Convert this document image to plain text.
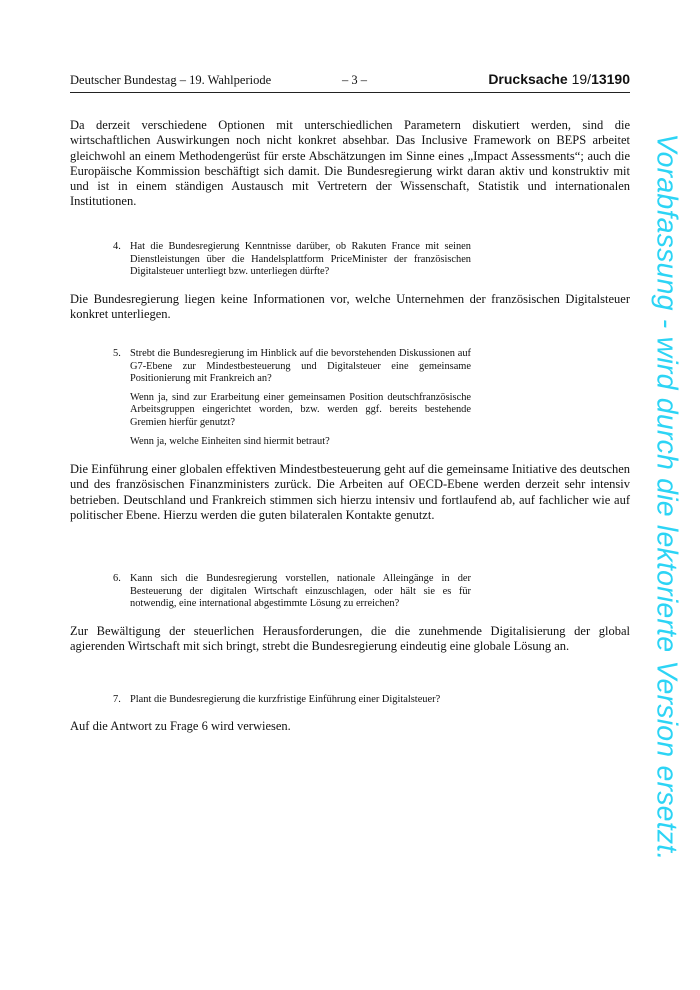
Deutscher Bundestag – 19. Wahlperiode	– 3 –	Drucksache 19/13190

Da derzeit verschiedene Optionen mit unterschiedlichen Parametern diskutiert werden, sind die wirtschaftlichen Auswirkungen noch nicht konkret absehbar. Das Inclusive Framework on BEPS arbeitet gleichwohl an einem Methodengerüst für erste Abschätzungen im Sinne eines „Impact Assessments“; auch die Europäische Kommission beschäftigt sich damit. Die Bundesregierung wirkt daran aktiv und konstruktiv mit und ist in einem ständigen Austausch mit Vertretern der Wissenschaft, Statistik und internationalen Institutionen.

4. Hat die Bundesregierung Kenntnisse darüber, ob Rakuten France mit seinen Dienstleistungen über die Handelsplattform PriceMinister der französischen Digitalsteuer unterliegt bzw. unterliegen dürfte?

Die Bundesregierung liegen keine Informationen vor, welche Unternehmen der französischen Digitalsteuer konkret unterliegen.

5. Strebt die Bundesregierung im Hinblick auf die bevorstehenden Diskussionen auf G7-Ebene zur Mindestbesteuerung und Digitalsteuer eine gemeinsame Positionierung mit Frankreich an?
Wenn ja, sind zur Erarbeitung einer gemeinsamen Position deutschfranzösische Arbeitsgruppen eingerichtet worden, bzw. werden ggf. bereits bestehende Gremien hierfür genutzt?
Wenn ja, welche Einheiten sind hiermit betraut?

Die Einführung einer globalen effektiven Mindestbesteuerung geht auf die gemeinsame Initiative des deutschen und des französischen Finanzministers zurück. Die Arbeiten auf OECD-Ebene werden derzeit sehr intensiv betrieben. Deutschland und Frankreich stimmen sich hierzu intensiv und fortlaufend ab, auf fachlicher wie auf politischer Ebene. Hierzu werden die guten bilateralen Kontakte genutzt.

6. Kann sich die Bundesregierung vorstellen, nationale Alleingänge in der Besteuerung der digitalen Wirtschaft einzuschlagen, oder hält sie es für notwendig, eine international abgestimmte Lösung zu erreichen?

Zur Bewältigung der steuerlichen Herausforderungen, die die zunehmende Digitalisierung der global agierenden Wirtschaft mit sich bringt, strebt die Bundesregierung eindeutig eine globale Lösung an.

7. Plant die Bundesregierung die kurzfristige Einführung einer Digitalsteuer?

Auf die Antwort zu Frage 6 wird verwiesen.	Vorabfassung - wird durch die lektorierte Version ersetzt.
